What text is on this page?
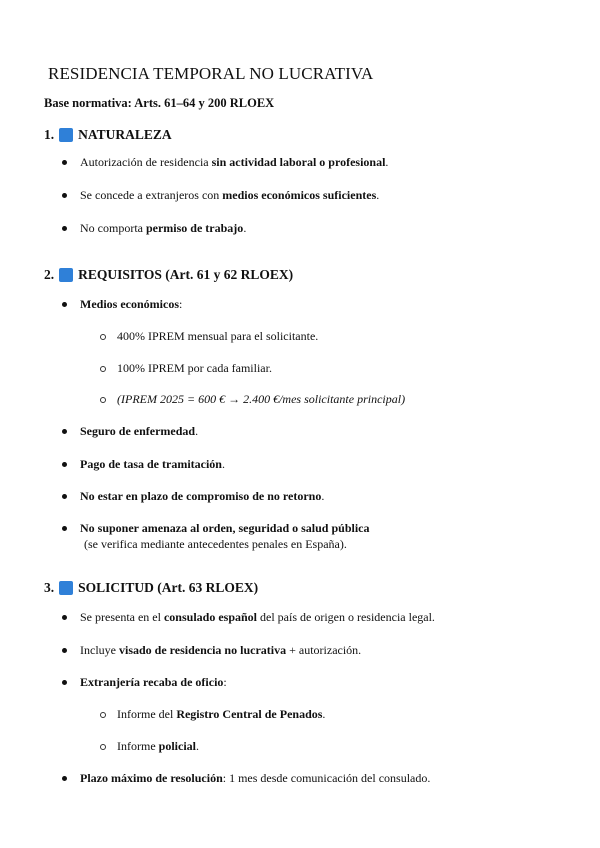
RESIDENCIA TEMPORAL NO LUCRATIVA
Base normativa: Arts. 61–64 y 200 RLOEX
1. NATURALEZA
Autorización de residencia sin actividad laboral o profesional.
Se concede a extranjeros con medios económicos suficientes.
No comporta permiso de trabajo.
2. REQUISITOS (Art. 61 y 62 RLOEX)
Medios económicos:
400% IPREM mensual para el solicitante.
100% IPREM por cada familiar.
(IPREM 2025 = 600 € → 2.400 €/mes solicitante principal)
Seguro de enfermedad.
Pago de tasa de tramitación.
No estar en plazo de compromiso de no retorno.
No suponer amenaza al orden, seguridad o salud pública
(se verifica mediante antecedentes penales en España).
3. SOLICITUD (Art. 63 RLOEX)
Se presenta en el consulado español del país de origen o residencia legal.
Incluye visado de residencia no lucrativa + autorización.
Extranjería recaba de oficio:
Informe del Registro Central de Penados.
Informe policial.
Plazo máximo de resolución: 1 mes desde comunicación del consulado.
